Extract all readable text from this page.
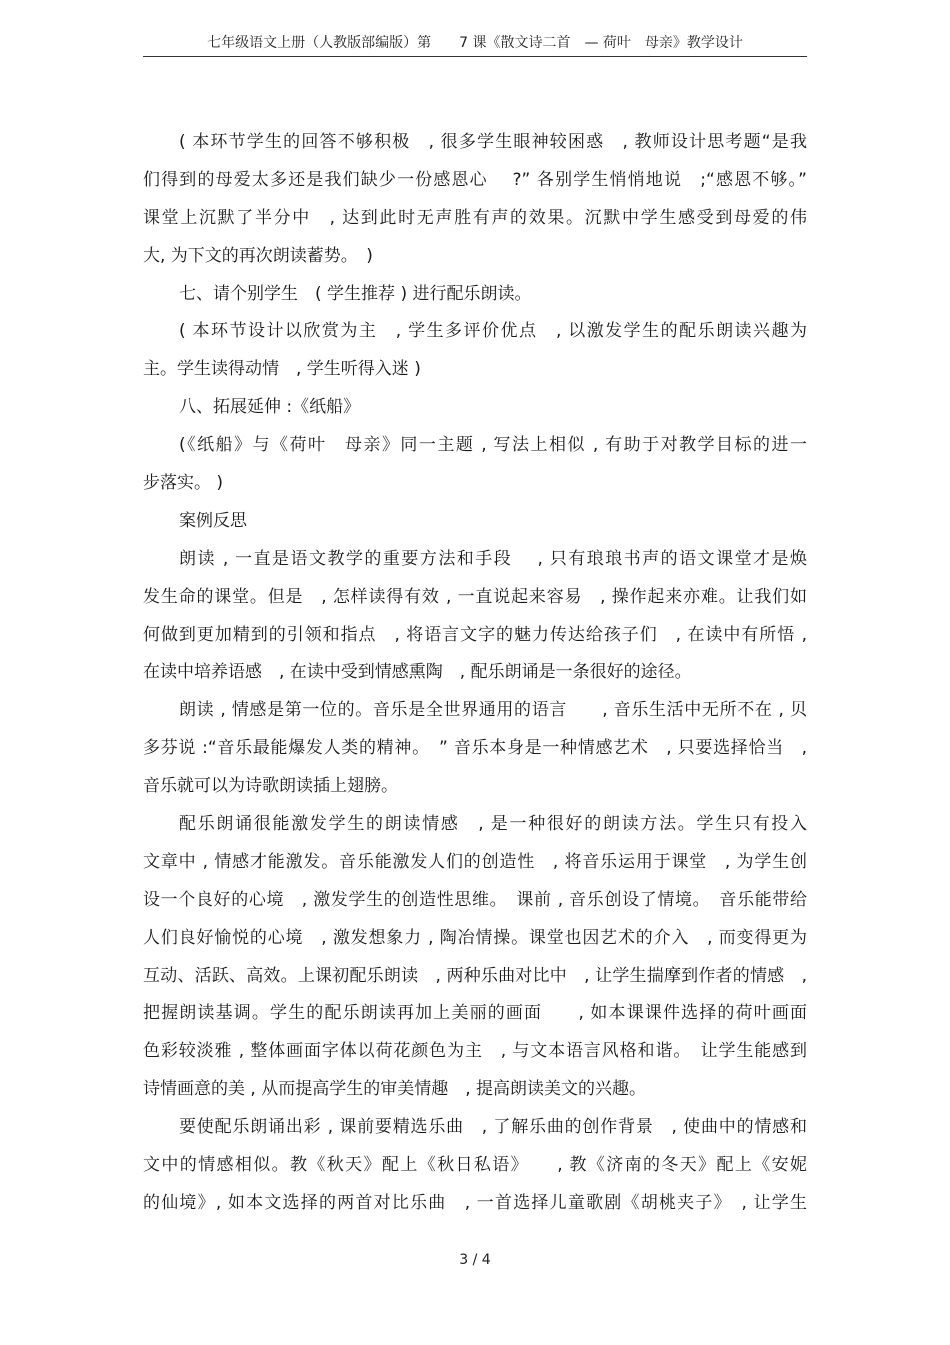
七年级语文上册（人教版部编版）第　　7 课《散文诗二首　— 荷叶　母亲》教学设计
( 本环节学生的回答不够积极　, 很多学生眼神较困惑　, 教师设计思考题“是我
们得到的母爱太多还是我们缺少一份感恩心　 ?” 各别学生悄悄地说　;“感恩不够。”
课堂上沉默了半分中　, 达到此时无声胜有声的效果。沉默中学生感受到母爱的伟
大, 为下文的再次朗读蓄势。　)
七、请个别学生　( 学生推荐 ) 进行配乐朗读。
( 本环节设计以欣赏为主　, 学生多评价优点　, 以激发学生的配乐朗读兴趣为
主。学生读得动情　, 学生听得入迷 )
八、拓展延伸 :《纸船》
(《纸船》与《荷叶　母亲》同一主题 , 写法上相似 , 有助于对教学目标的进一
步落实。 )
案例反思
朗读 , 一直是语文教学的重要方法和手段　 , 只有琅琅书声的语文课堂才是焕
发生命的课堂。但是　, 怎样读得有效 , 一直说起来容易　, 操作起来亦难。让我们如
何做到更加精到的引领和指点　, 将语言文字的魅力传达给孩子们　, 在读中有所悟 ,
在读中培养语感　, 在读中受到情感熏陶　, 配乐朗诵是一条很好的途径。
朗读 , 情感是第一位的。音乐是全世界通用的语言　　, 音乐生活中无所不在 , 贝
多芬说 :“音乐最能爆发人类的精神。　” 音乐本身是一种情感艺术　, 只要选择恰当　,
音乐就可以为诗歌朗读插上翅膀。
配乐朗诵很能激发学生的朗读情感　, 是一种很好的朗读方法。学生只有投入
文章中 , 情感才能激发。音乐能激发人们的创造性　, 将音乐运用于课堂　, 为学生创
设一个良好的心境　, 激发学生的创造性思维。　课前 , 音乐创设了情境。　音乐能带给
人们良好愉悦的心境　, 激发想象力 , 陶冶情操。课堂也因艺术的介入　, 而变得更为
互动、活跃、高效。上课初配乐朗读　, 两种乐曲对比中　, 让学生揣摩到作者的情感　,
把握朗读基调。学生的配乐朗读再加上美丽的画面　　, 如本课课件选择的荷叶画面
色彩较淡雅 , 整体画面字体以荷花颜色为主　, 与文本语言风格和谐。　让学生能感到
诗情画意的美 , 从而提高学生的审美情趣　, 提高朗读美文的兴趣。
要使配乐朗诵出彩 , 课前要精选乐曲　, 了解乐曲的创作背景　, 使曲中的情感和
文中的情感相似。教《秋天》配上《秋日私语》　　, 教《济南的冬天》配上《安妮
的仙境》, 如本文选择的两首对比乐曲　, 一首选择儿童歌剧《胡桃夹子》　, 让学生
3 / 4
